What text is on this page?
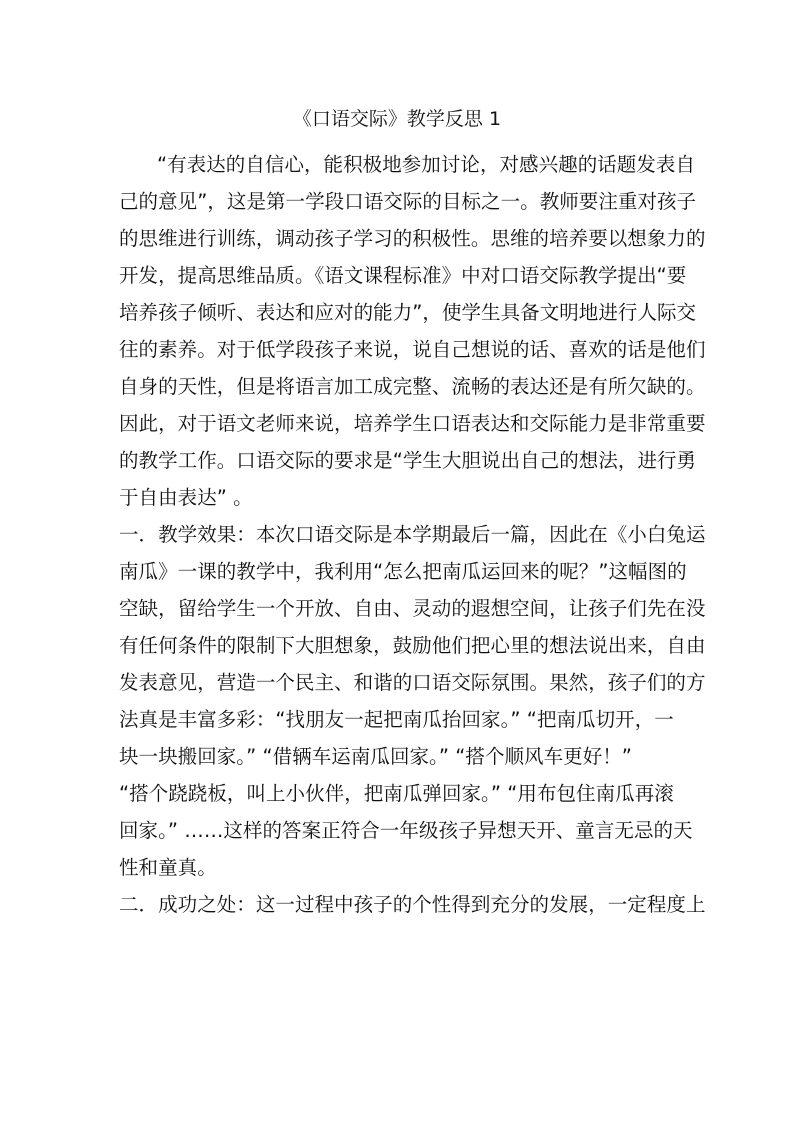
《口语交际》教学反思 1
“有表达的自信心，能积极地参加讨论，对感兴趣的话题发表自
己的意见”，这是第一学段口语交际的目标之一。教师要注重对孩子
的思维进行训练，调动孩子学习的积极性。思维的培养要以想象力的
开发，提高思维品质。《语文课程标准》中对口语交际教学提出“要
培养孩子倾听、表达和应对的能力”，使学生具备文明地进行人际交
往的素养。对于低学段孩子来说，说自己想说的话、喜欢的话是他们
自身的天性，但是将语言加工成完整、流畅的表达还是有所欠缺的。
因此，对于语文老师来说，培养学生口语表达和交际能力是非常重要
的教学工作。口语交际的要求是“学生大胆说出自己的想法，进行勇
于自由表达” 。
一．教学效果：本次口语交际是本学期最后一篇，因此在《小白兔运
南瓜》一课的教学中，我利用“怎么把南瓜运回来的呢？”这幅图的
空缺，留给学生一个开放、自由、灵动的遐想空间，让孩子们先在没
有任何条件的限制下大胆想象，鼓励他们把心里的想法说出来，自由
发表意见，营造一个民主、和谐的口语交际氛围。果然，孩子们的方
法真是丰富多彩：“找朋友一起把南瓜抬回家。” “把南瓜切开，一
块一块搬回家。” “借辆车运南瓜回家。” “搭个顺风车更好！”
“搭个跷跷板，叫上小伙伴，把南瓜弹回家。” “用布包住南瓜再滚
回家。” ……这样的答案正符合一年级孩子异想天开、童言无忌的天
性和童真。
二．成功之处：这一过程中孩子的个性得到充分的发展，一定程度上
